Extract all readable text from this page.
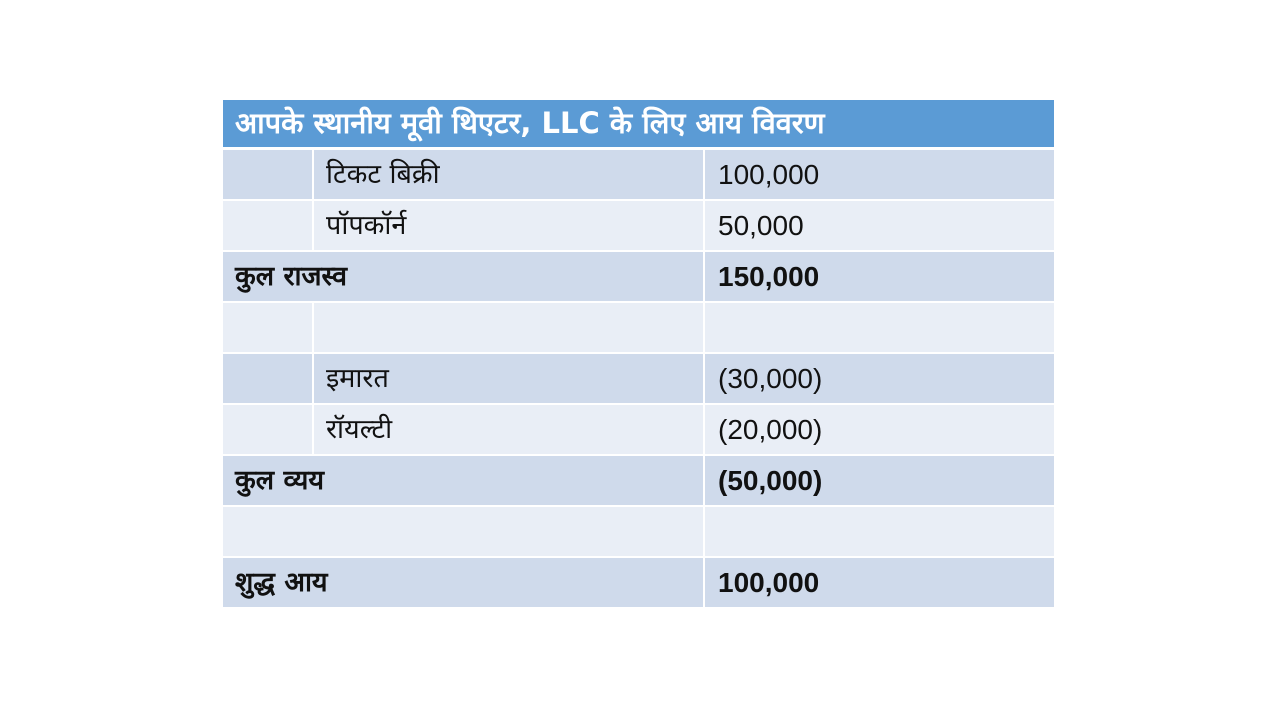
आपके स्थानीय मूवी थिएटर, LLC के लिए आय विवरण		
	टिकट बिक्री	100,000
	पॉपकॉर्न	50,000
कुल राजस्व		150,000

	इमारत	(30,000)
	रॉयल्टी	(20,000)
कुल व्यय		(50,000)

शुद्ध आय		100,000
